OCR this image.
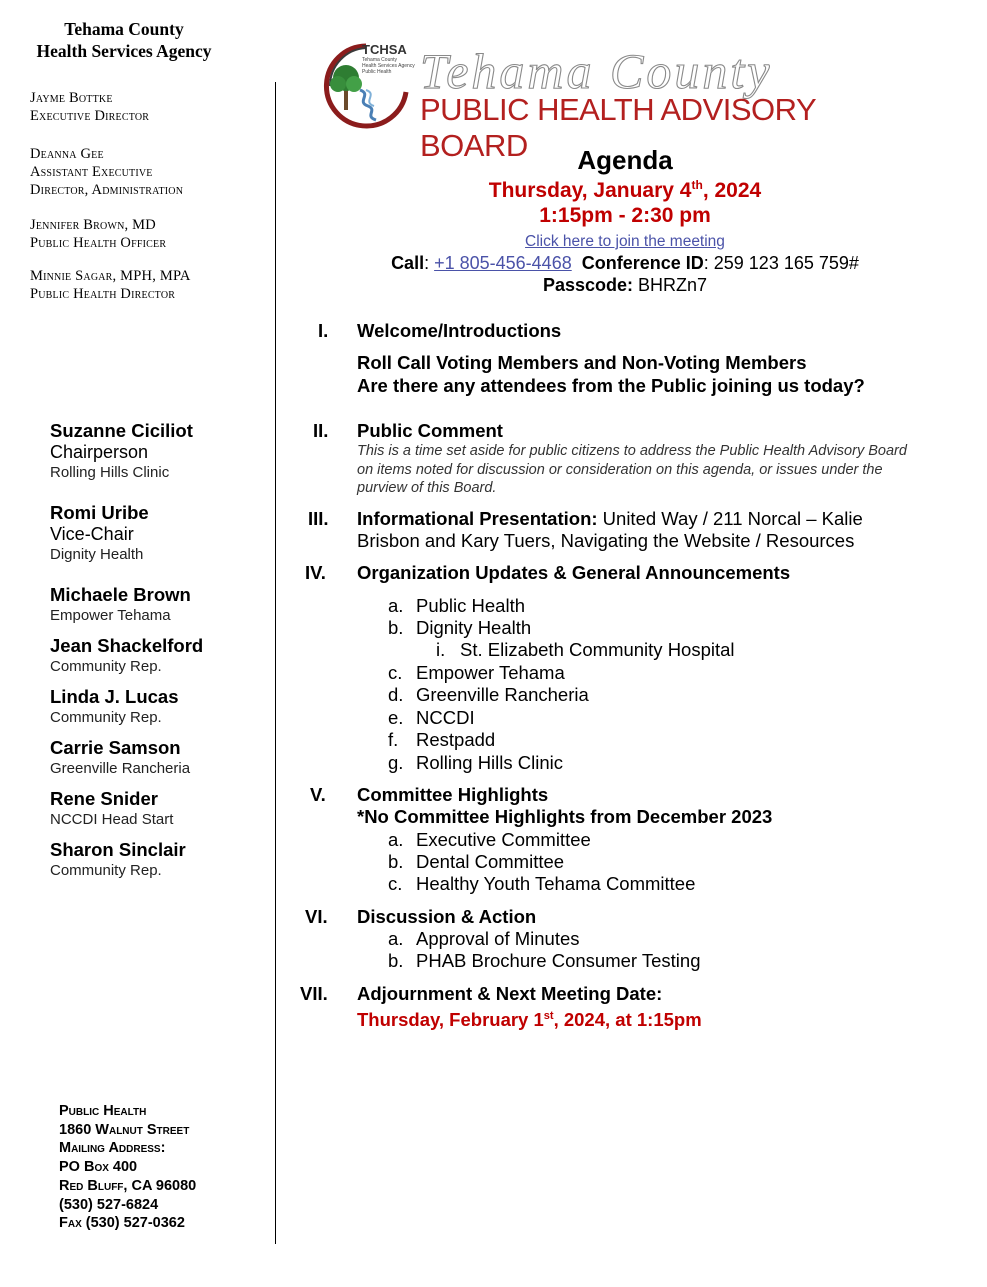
Tehama County
Health Services Agency
Jayme Bottke
Executive Director
Deanna Gee
Assistant Executive
Director, Administration
Jennifer Brown, MD
Public Health Officer
Minnie Sagar, MPH, MPA
Public Health Director
Suzanne Ciciliot
Chairperson
Rolling Hills Clinic
Romi Uribe
Vice-Chair
Dignity Health
Michaele Brown
Empower Tehama
Jean Shackelford
Community Rep.
Linda J. Lucas
Community Rep.
Carrie Samson
Greenville Rancheria
Rene Snider
NCCDI Head Start
Sharon Sinclair
Community Rep.
Public Health
1860 Walnut Street
Mailing Address:
PO Box 400
Red Bluff, CA 96080
(530) 527-6824
Fax (530) 527-0362
TCHSA
Tehama County
Health Services Agency
Public Health Tehama County
PUBLIC HEALTH ADVISORY BOARD	Agenda
Thursday, January 4th, 2024
1:15pm - 2:30 pm
Click here to join the meeting
Call: +1 805-456-4468 Conference ID: 259 123 165 759#
Passcode: BHRZn7
I. Welcome/Introductions
Roll Call Voting Members and Non-Voting Members
Are there any attendees from the Public joining us today?
II. Public Comment
This is a time set aside for public citizens to address the Public Health Advisory Board on items noted for discussion or consideration on this agenda, or issues under the purview of this Board.
III. Informational Presentation: United Way / 211 Norcal – Kalie
Brisbon and Kary Tuers, Navigating the Website / Resources
IV. Organization Updates & General Announcements
a. Public Health
b. Dignity Health
i. St. Elizabeth Community Hospital
c. Empower Tehama
d. Greenville Rancheria
e. NCCDI
f. Restpadd
g. Rolling Hills Clinic
V. Committee Highlights
*No Committee Highlights from December 2023
a. Executive Committee
b. Dental Committee
c. Healthy Youth Tehama Committee
VI. Discussion & Action
a. Approval of Minutes
b. PHAB Brochure Consumer Testing
VII. Adjournment & Next Meeting Date:
Thursday, February 1st, 2024, at 1:15pm
